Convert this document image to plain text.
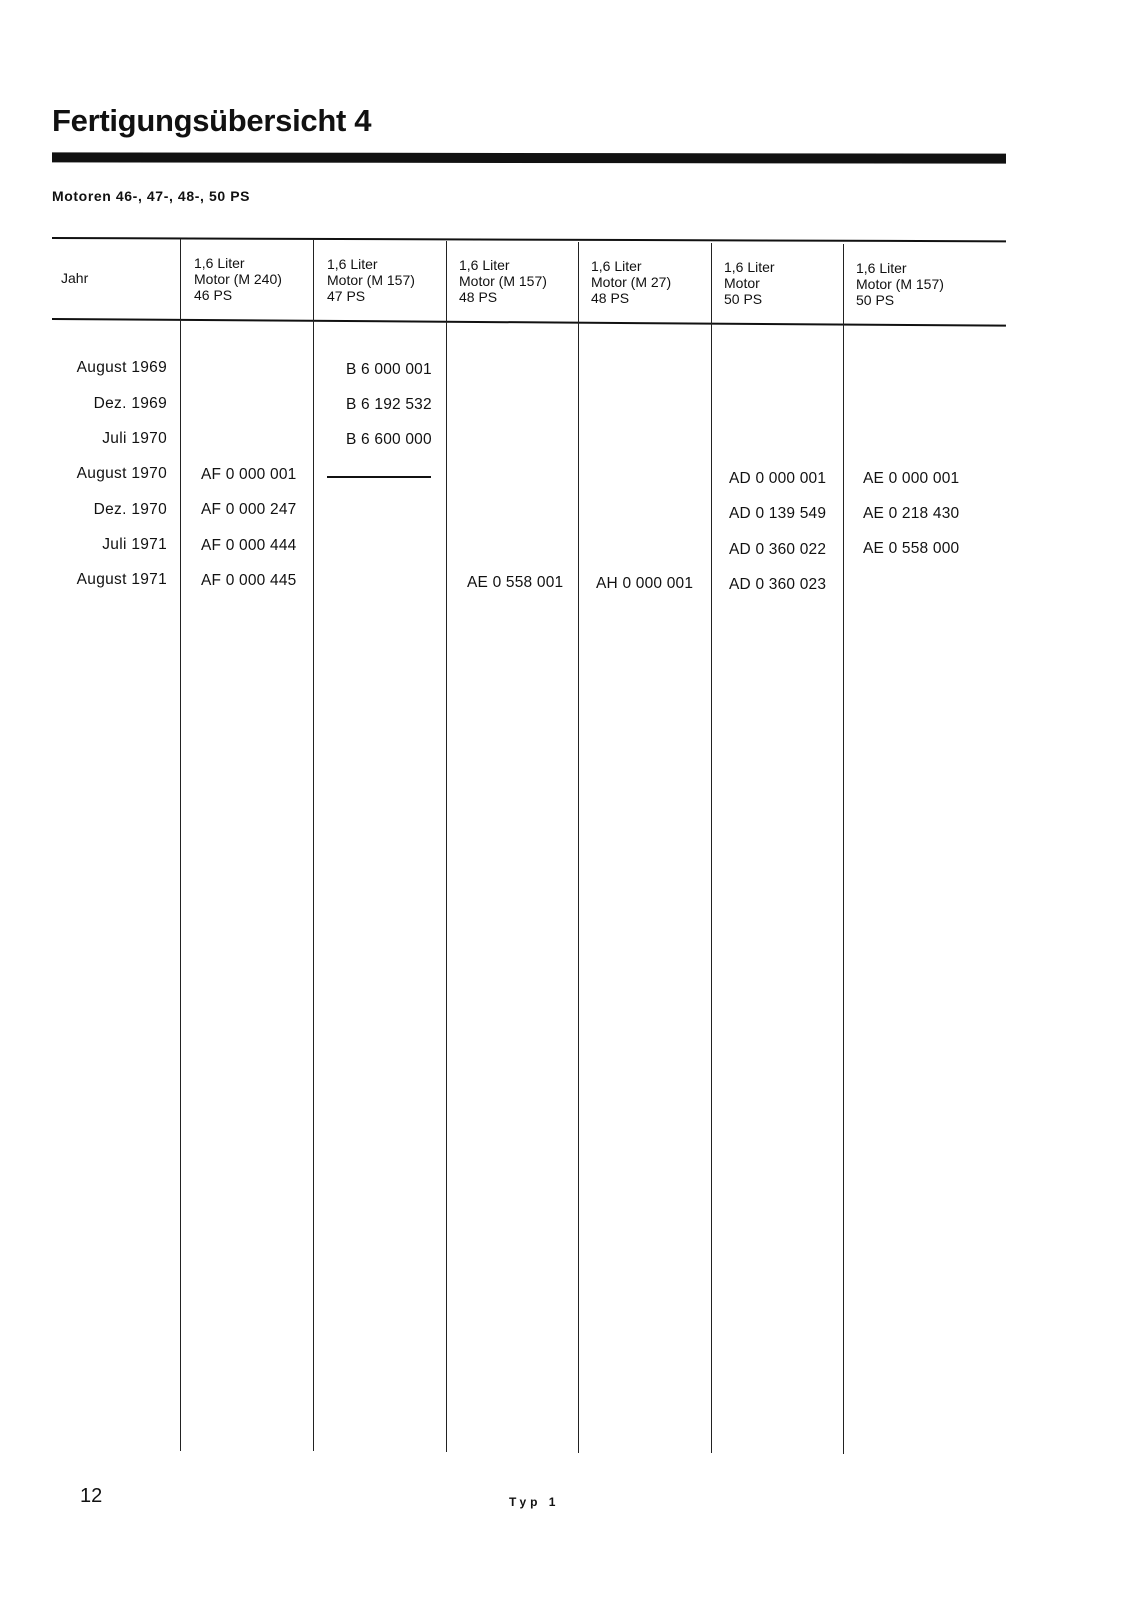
Fertigungsübersicht 4
Motoren 46-, 47-, 48-, 50 PS
Jahr
1,6 Liter
Motor (M 240)
46 PS
1,6 Liter
Motor (M 157)
47 PS
1,6 Liter
Motor (M 157)
48 PS
1,6 Liter
Motor (M 27)
48 PS
1,6 Liter
Motor
50 PS
1,6 Liter
Motor (M 157)
50 PS
August 1969
Dez. 1969
Juli 1970
August 1970
Dez. 1970
Juli 1971
August 1971
AF 0 000 001
AF 0 000 247
AF 0 000 444
AF 0 000 445
B 6 000 001
B 6 192 532
B 6 600 000
AE 0 558 001 AH 0 000 001
AD 0 000 001
AD 0 139 549
AD 0 360 022
AD 0 360 023
AE 0 000 001
AE 0 218 430
AE 0 558 000

12	Typ 1
